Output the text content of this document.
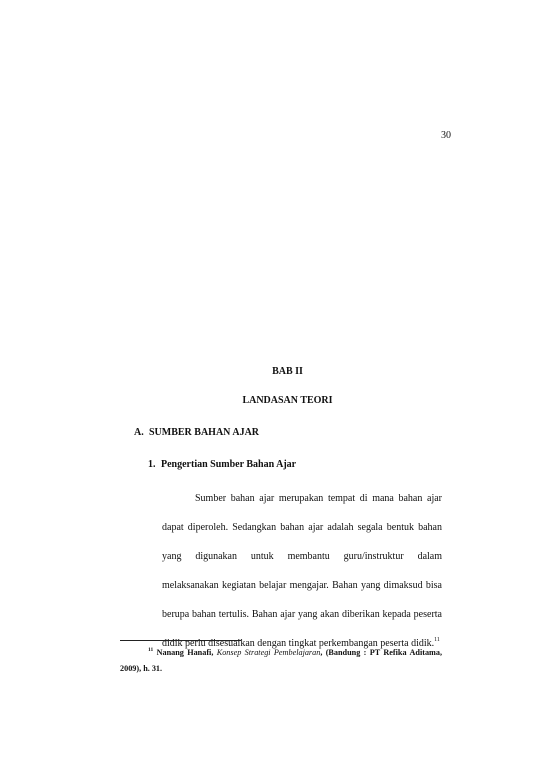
30
BAB II
LANDASAN TEORI
A. SUMBER BAHAN AJAR
1. Pengertian Sumber Bahan Ajar

Sumber bahan ajar merupakan tempat di mana bahan ajar dapat diperoleh. Sedangkan bahan ajar adalah segala bentuk bahan yang digunakan untuk membantu guru/instruktur dalam melaksanakan kegiatan belajar mengajar. Bahan yang dimaksud bisa berupa bahan tertulis. Bahan ajar yang akan diberikan kepada peserta didik perlu disesuaikan dengan tingkat perkembangan peserta didik.$^{11}$

$^{11}$ Nanang Hanafi, Konsep Strategi Pembelajaran, (Bandung : PT Refika Aditama, 2009), h. 31.
